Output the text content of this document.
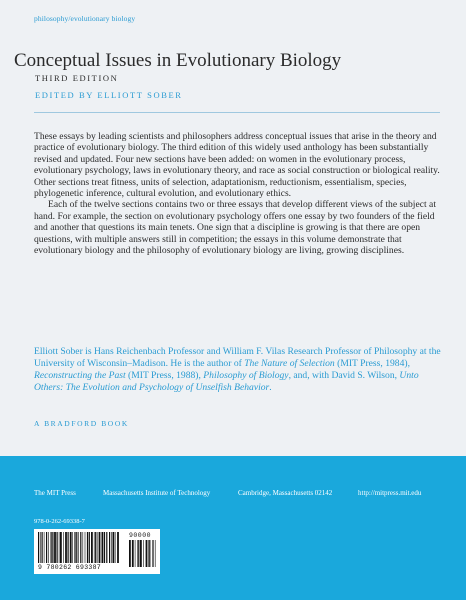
philosophy/evolutionary biology
Conceptual Issues in Evolutionary Biology
THIRD EDITION
EDITED BY ELLIOTT SOBER

These essays by leading scientists and philosophers address conceptual issues that arise in the theory and practice of evolutionary biology. The third edition of this widely used anthology has been substantially revised and updated. Four new sections have been added: on women in the evolutionary process, evolutionary psychology, laws in evolutionary theory, and race as social construction or biological reality. Other sections treat fitness, units of selection, adaptationism, reductionism, essentialism, species, phylogenetic inference, cultural evolution, and evolutionary ethics.

Each of the twelve sections contains two or three essays that develop different views of the subject at hand. For example, the section on evolutionary psychology offers one essay by two founders of the field and another that questions its main tenets. One sign that a discipline is growing is that there are open questions, with multiple answers still in competition; the essays in this volume demonstrate that evolutionary biology and the philosophy of evolutionary biology are living, growing disciplines.

Elliott Sober is Hans Reichenbach Professor and William F. Vilas Research Professor of Philosophy at the University of Wisconsin–Madison. He is the author of The Nature of Selection (MIT Press, 1984), Reconstructing the Past (MIT Press, 1988), Philosophy of Biology, and, with David S. Wilson, Unto Others: The Evolution and Psychology of Unselfish Behavior.
A BRADFORD BOOK
The MIT Press	Massachusetts Institute of Technology	Cambridge, Massachusetts 02142	http://mitpress.mit.edu
978-0-262-69338-7
9 780262 693387
90000
